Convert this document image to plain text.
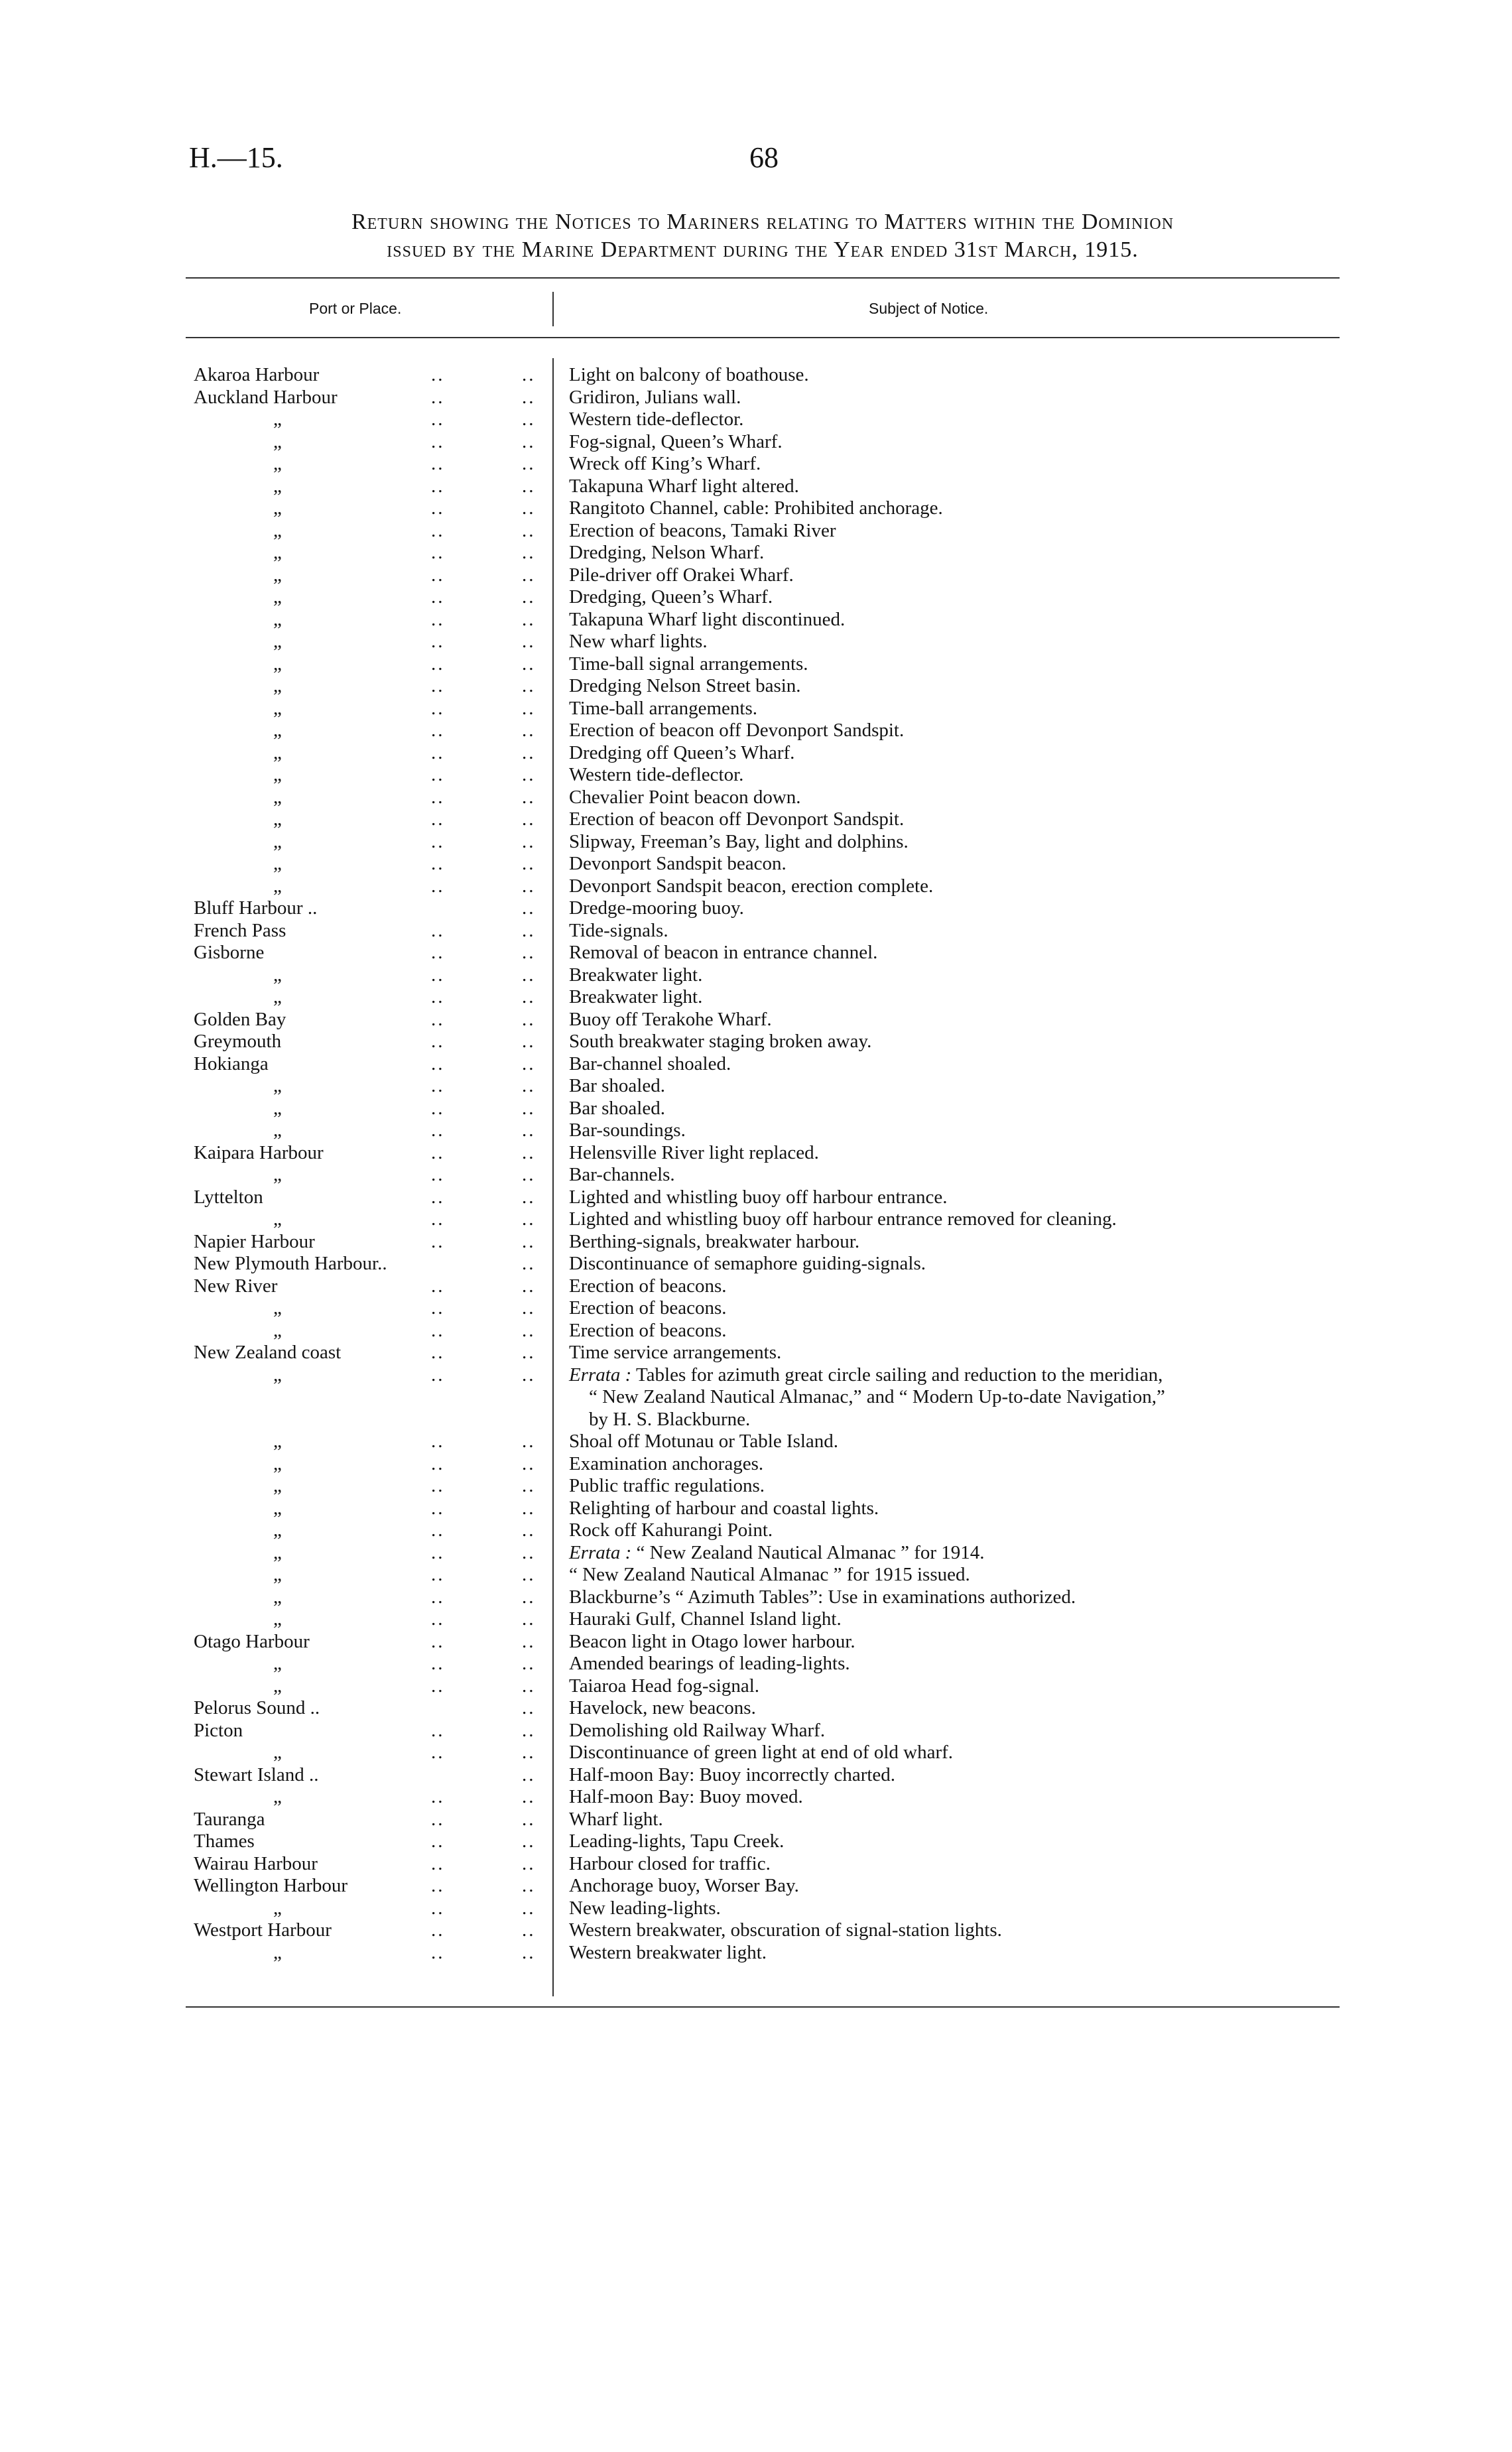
H.—15.	68
Return showing the Notices to Mariners relating to Matters within the Dominion
issued by the Marine Department during the Year ended 31st March, 1915.
Port or Place.	Subject of Notice.
Akaroa Harbour	..	.. Light on balcony of boathouse.
Auckland Harbour	..	.. Gridiron, Julians wall.
„	..	.. Western tide-deflector.
„	..	.. Fog-signal, Queen’s Wharf.
„	..	.. Wreck off King’s Wharf.
„	..	.. Takapuna Wharf light altered.
„	..	.. Rangitoto Channel, cable: Prohibited anchorage.
„	..	.. Erection of beacons, Tamaki River
„	..	.. Dredging, Nelson Wharf.
„	..	.. Pile-driver off Orakei Wharf.
„	..	.. Dredging, Queen’s Wharf.
„	..	.. Takapuna Wharf light discontinued.
„	..	.. New wharf lights.
„	..	.. Time-ball signal arrangements.
„	..	.. Dredging Nelson Street basin.
„	..	.. Time-ball arrangements.
„	..	.. Erection of beacon off Devonport Sandspit.
„	..	.. Dredging off Queen’s Wharf.
„	..	.. Western tide-deflector.
„	..	.. Chevalier Point beacon down.
„	..	.. Erection of beacon off Devonport Sandspit.
„	..	.. Slipway, Freeman’s Bay, light and dolphins.
„	..	.. Devonport Sandspit beacon.
„	..	.. Devonport Sandspit beacon, erection complete.
Bluff Harbour ..	.. Dredge-mooring buoy.
French Pass	..	.. Tide-signals.
Gisborne	..	.. Removal of beacon in entrance channel.
„	..	.. Breakwater light.
„	..	.. Breakwater light.
Golden Bay	..	.. Buoy off Terakohe Wharf.
Greymouth	..	.. South breakwater staging broken away.
Hokianga	..	.. Bar-channel shoaled.
„	..	.. Bar shoaled.
„	..	.. Bar shoaled.
„	..	.. Bar-soundings.
Kaipara Harbour	..	.. Helensville River light replaced.
„	..	.. Bar-channels.
Lyttelton	..	.. Lighted and whistling buoy off harbour entrance.
„	..	.. Lighted and whistling buoy off harbour entrance removed for cleaning.
Napier Harbour	..	.. Berthing-signals, breakwater harbour.
New Plymouth Harbour..	.. Discontinuance of semaphore guiding-signals.
New River	..	.. Erection of beacons.
„	..	.. Erection of beacons.
„	..	.. Erection of beacons.
New Zealand coast	..	.. Time service arrangements.
„	..	.. Errata : Tables for azimuth great circle sailing and reduction to the meridian,
“ New Zealand Nautical Almanac,” and “ Modern Up-to-date Navigation,”
by H. S. Blackburne.
„	..	.. Shoal off Motunau or Table Island.
„	..	.. Examination anchorages.
„	..	.. Public traffic regulations.
„	..	.. Relighting of harbour and coastal lights.
„	..	.. Rock off Kahurangi Point.
„	..	.. Errata : “ New Zealand Nautical Almanac ” for 1914.
„	..	.. “ New Zealand Nautical Almanac ” for 1915 issued.
„	..	.. Blackburne’s “ Azimuth Tables”: Use in examinations authorized.
„	..	.. Hauraki Gulf, Channel Island light.
Otago Harbour	..	.. Beacon light in Otago lower harbour.
„	..	.. Amended bearings of leading-lights.
„	..	.. Taiaroa Head fog-signal.
Pelorus Sound ..	.. Havelock, new beacons.
Picton	..	.. Demolishing old Railway Wharf.
„	..	.. Discontinuance of green light at end of old wharf.
Stewart Island ..	.. Half-moon Bay: Buoy incorrectly charted.
„	..	.. Half-moon Bay: Buoy moved.
Tauranga	..	.. Wharf light.
Thames	..	.. Leading-lights, Tapu Creek.
Wairau Harbour	..	.. Harbour closed for traffic.
Wellington Harbour	..	.. Anchorage buoy, Worser Bay.
„	..	.. New leading-lights.
Westport Harbour	..	.. Western breakwater, obscuration of signal-station lights.
„	..	.. Western breakwater light.
